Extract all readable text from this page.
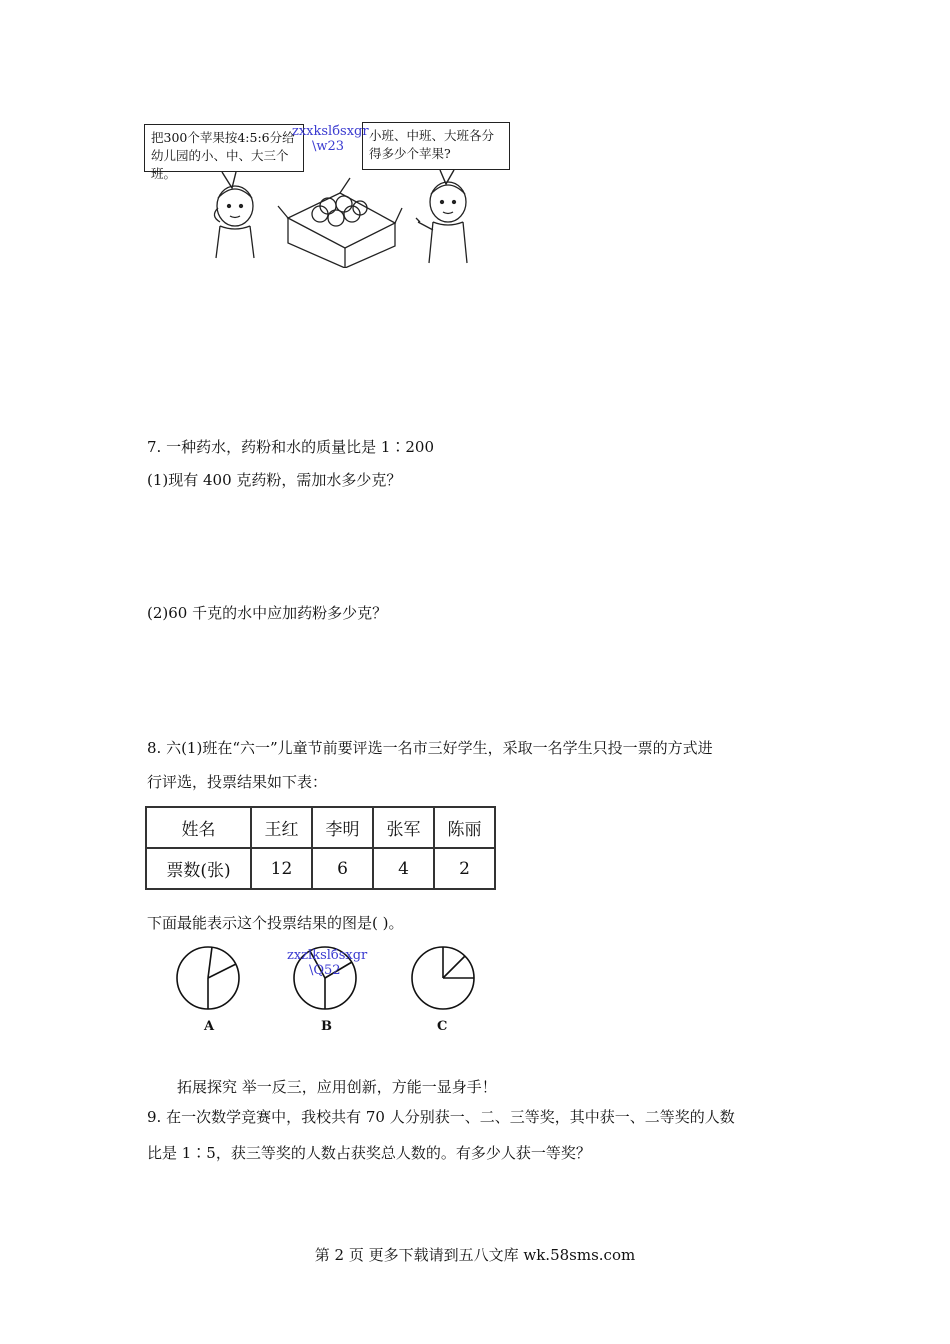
把300个苹果按4:5:6分给
幼儿园的小、中、大三个班。
小班、中班、大班各分
得多少个苹果?
zxxkslбsxgr
\w23
7. 一种药水，药粉和水的质量比是 1∶200
(1)现有 400 克药粉，需加水多少克？
(2)60 千克的水中应加药粉多少克？
8. 六(1)班在“六一”儿童节前要评选一名市三好学生，采取一名学生只投一票的方式进
行评选，投票结果如下表：
姓名	王红	李明	张军	陈丽
票数(张)	12	6	4	2
下面最能表示这个投票结果的图是( )。
zxzlkslбsxgr
\Q52
A	B	C
拓展探究 举一反三，应用创新，方能一显身手！
9. 在一次数学竞赛中，我校共有 70 人分别获一、二、三等奖，其中获一、二等奖的人数
比是 1∶5，获三等奖的人数占获奖总人数的。有多少人获一等奖？
第 2 页 更多下载请到五八文库 wk.58sms.com
